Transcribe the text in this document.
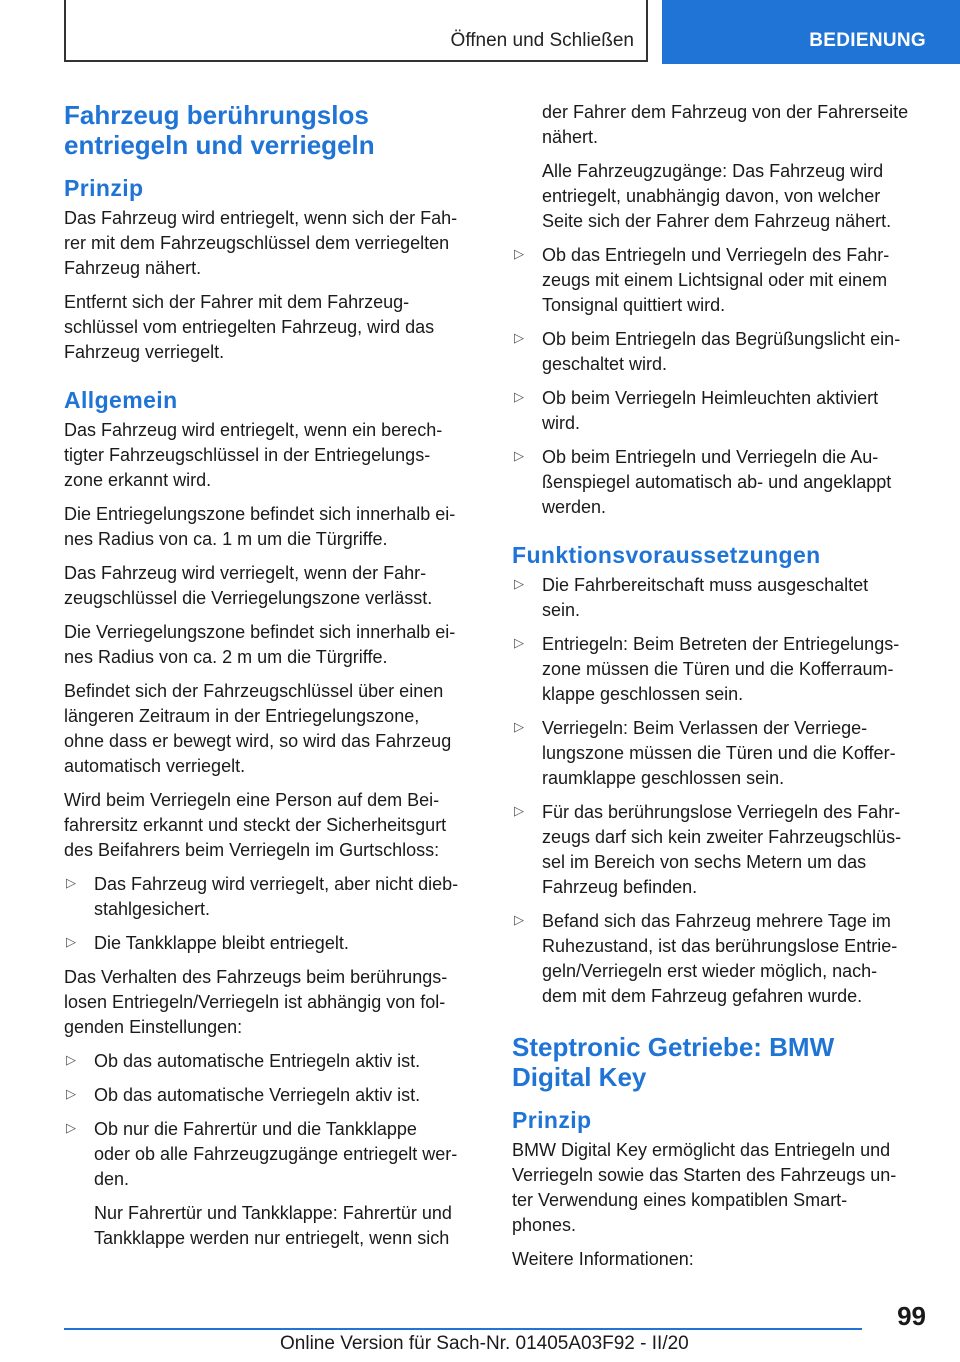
Öffnen und Schließen	BEDIENUNG
Fahrzeug berührungslos
entriegeln und verriegeln
Prinzip
Das Fahrzeug wird entriegelt, wenn sich der Fah-
rer mit dem Fahrzeugschlüssel dem verriegelten
Fahrzeug nähert.
Entfernt sich der Fahrer mit dem Fahrzeug-
schlüssel vom entriegelten Fahrzeug, wird das
Fahrzeug verriegelt.
Allgemein
Das Fahrzeug wird entriegelt, wenn ein berech-
tigter Fahrzeugschlüssel in der Entriegelungs-
zone erkannt wird.
Die Entriegelungszone befindet sich innerhalb ei-
nes Radius von ca. 1 m um die Türgriffe.
Das Fahrzeug wird verriegelt, wenn der Fahr-
zeugschlüssel die Verriegelungszone verlässt.
Die Verriegelungszone befindet sich innerhalb ei-
nes Radius von ca. 2 m um die Türgriffe.
Befindet sich der Fahrzeugschlüssel über einen
längeren Zeitraum in der Entriegelungszone,
ohne dass er bewegt wird, so wird das Fahrzeug
automatisch verriegelt.
Wird beim Verriegeln eine Person auf dem Bei-
fahrersitz erkannt und steckt der Sicherheitsgurt
des Beifahrers beim Verriegeln im Gurtschloss:
▷ Das Fahrzeug wird verriegelt, aber nicht dieb-
stahlgesichert.
▷ Die Tankklappe bleibt entriegelt.
Das Verhalten des Fahrzeugs beim berührungs-
losen Entriegeln/Verriegeln ist abhängig von fol-
genden Einstellungen:
▷ Ob das automatische Entriegeln aktiv ist.
▷ Ob das automatische Verriegeln aktiv ist.
▷ Ob nur die Fahrertür und die Tankklappe
oder ob alle Fahrzeugzugänge entriegelt wer-
den.
Nur Fahrertür und Tankklappe: Fahrertür und
Tankklappe werden nur entriegelt, wenn sich
der Fahrer dem Fahrzeug von der Fahrerseite
nähert.
Alle Fahrzeugzugänge: Das Fahrzeug wird
entriegelt, unabhängig davon, von welcher
Seite sich der Fahrer dem Fahrzeug nähert.
▷ Ob das Entriegeln und Verriegeln des Fahr-
zeugs mit einem Lichtsignal oder mit einem
Tonsignal quittiert wird.
▷ Ob beim Entriegeln das Begrüßungslicht ein-
geschaltet wird.
▷ Ob beim Verriegeln Heimleuchten aktiviert
wird.
▷ Ob beim Entriegeln und Verriegeln die Au-
ßenspiegel automatisch ab- und angeklappt
werden.
Funktionsvoraussetzungen
▷ Die Fahrbereitschaft muss ausgeschaltet
sein.
▷ Entriegeln: Beim Betreten der Entriegelungs-
zone müssen die Türen und die Kofferraum-
klappe geschlossen sein.
▷ Verriegeln: Beim Verlassen der Verriege-
lungszone müssen die Türen und die Koffer-
raumklappe geschlossen sein.
▷ Für das berührungslose Verriegeln des Fahr-
zeugs darf sich kein zweiter Fahrzeugschlüs-
sel im Bereich von sechs Metern um das
Fahrzeug befinden.
▷ Befand sich das Fahrzeug mehrere Tage im
Ruhezustand, ist das berührungslose Entrie-
geln/Verriegeln erst wieder möglich, nach-
dem mit dem Fahrzeug gefahren wurde.
Steptronic Getriebe: BMW
Digital Key
Prinzip
BMW Digital Key ermöglicht das Entriegeln und
Verriegeln sowie das Starten des Fahrzeugs un-
ter Verwendung eines kompatiblen Smart-
phones.
Weitere Informationen:
99
Online Version für Sach-Nr. 01405A03F92 - II/20
